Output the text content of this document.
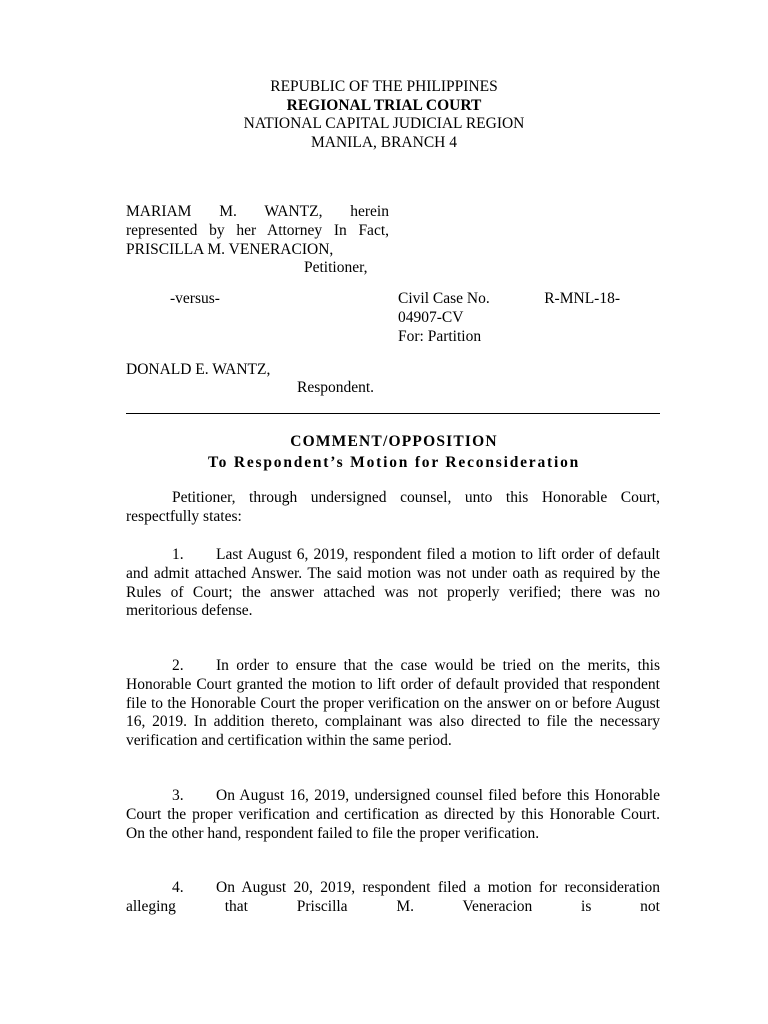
REPUBLIC OF THE PHILIPPINES
REGIONAL TRIAL COURT
NATIONAL CAPITAL JUDICIAL REGION
MANILA, BRANCH 4
MARIAM M. WANTZ, herein
represented by her Attorney In Fact,
PRISCILLA M. VENERACION,
Petitioner,
-versus-	Civil Case No.	R-MNL-18-
04907-CV
For: Partition
DONALD E. WANTZ,
Respondent.
COMMENT/OPPOSITION
To Respondent’s Motion for Reconsideration
Petitioner, through undersigned counsel, unto this Honorable Court, respectfully states:
1. Last August 6, 2019, respondent filed a motion to lift order of default and admit attached Answer. The said motion was not under oath as required by the Rules of Court; the answer attached was not properly verified; there was no meritorious defense.
2. In order to ensure that the case would be tried on the merits, this Honorable Court granted the motion to lift order of default provided that respondent file to the Honorable Court the proper verification on the answer on or before August 16, 2019. In addition thereto, complainant was also directed to file the necessary verification and certification within the same period.
3. On August 16, 2019, undersigned counsel filed before this Honorable Court the proper verification and certification as directed by this Honorable Court. On the other hand, respondent failed to file the proper verification.
4. On August 20, 2019, respondent filed a motion for reconsideration alleging that Priscilla M. Veneracion is not
